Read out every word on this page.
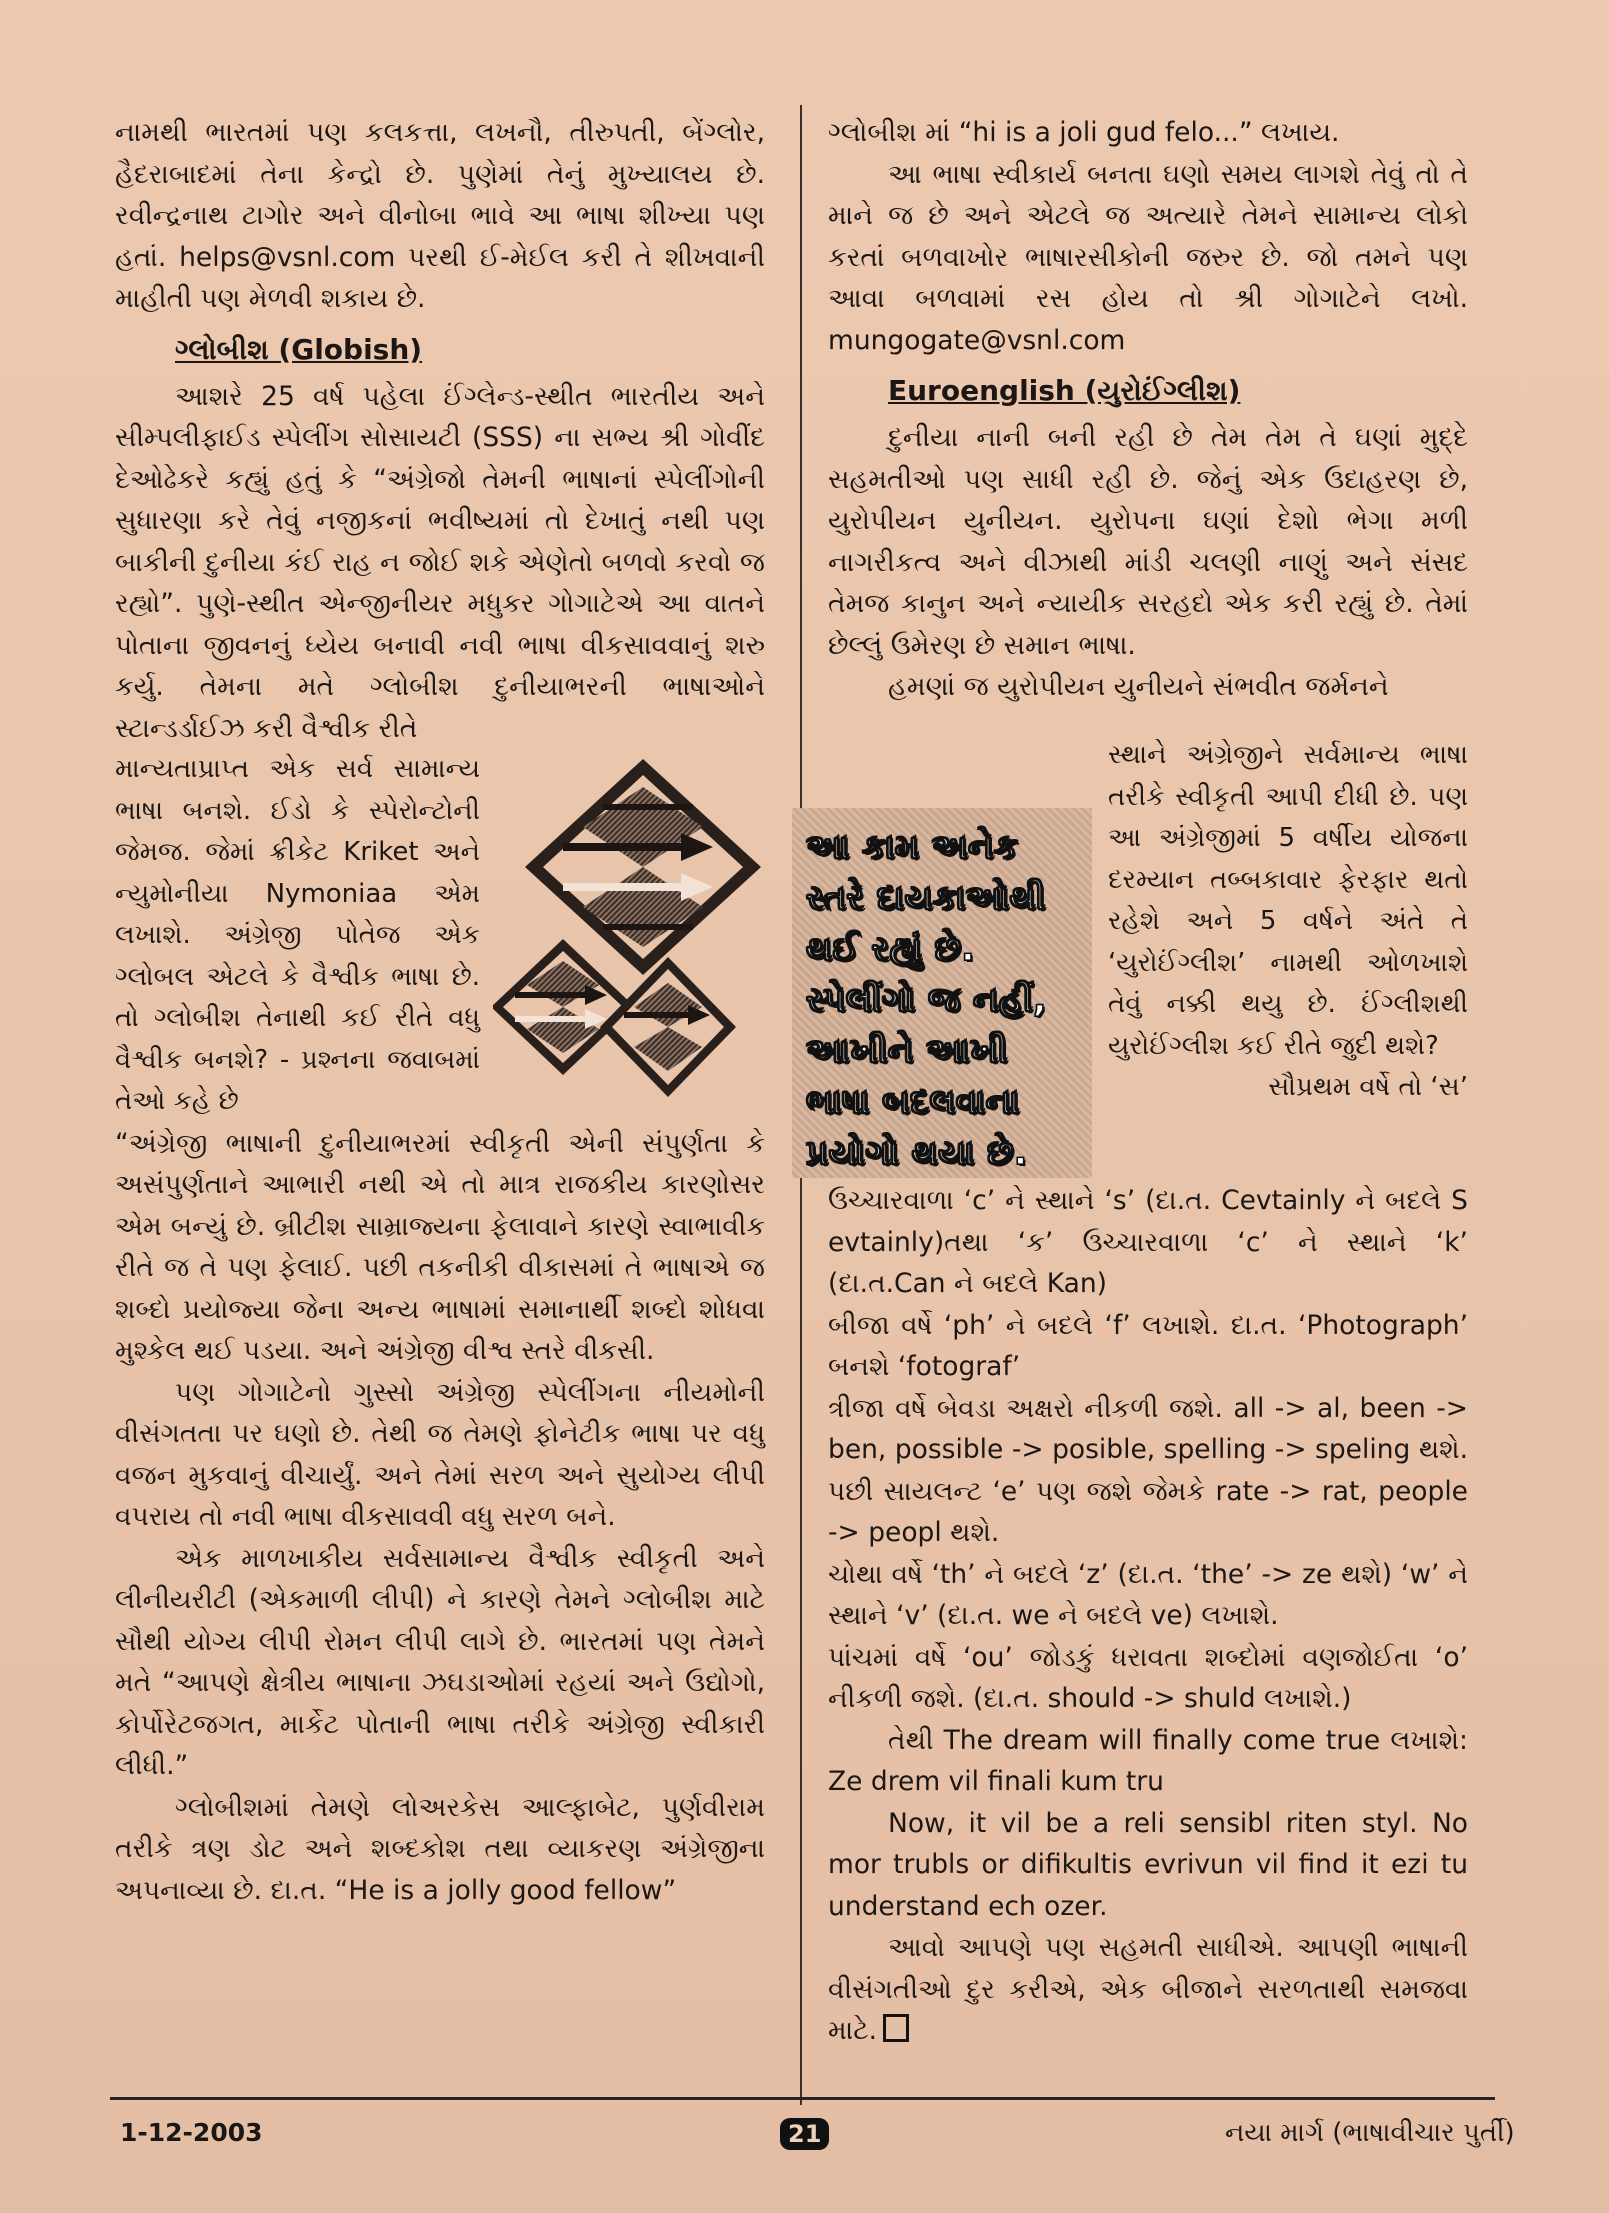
નામથી ભારતમાં પણ કલકત્તા, લખનૌ, તીરુપતી, બેંગ્લોર, હૈદરાબાદમાં તેના કેન્દ્રો છે. પુણેમાં તેનું મુખ્યાલય છે. રવીન્દ્રનાથ ટાગોર અને વીનોબા ભાવે આ ભાષા શીખ્યા પણ હતાં. helps@vsnl.com પરથી ઈ-મેઈલ કરી તે શીખવાની માહીતી પણ મેળવી શકાય છે.

ગ્લોબીશ (Globish)

આશરે 25 વર્ષ પહેલા ઈંગ્લેન્ડ-સ્થીત ભારતીય અને સીમ્પલીફાઈડ સ્પેલીંગ સોસાયટી (SSS) ના સભ્ય શ્રી ગોવીંદ દેઓઢેકરે કહ્યું હતું કે “અંગ્રેજો તેમની ભાષાનાં સ્પેલીંગોની સુધારણા કરે તેવું નજીકનાં ભવીષ્યમાં તો દેખાતું નથી પણ બાકીની દુનીયા કંઈ રાહ ન જોઈ શકે એણેતો બળવો કરવો જ રહ્યો”. પુણે-સ્થીત એન્જીનીયર મધુકર ગોગાટેએ આ વાતને પોતાના જીવનનું ધ્યેય બનાવી નવી ભાષા વીકસાવવાનું શરુ કર્યુ. તેમના મતે ગ્લોબીશ દુનીયાભરની ભાષાઓને સ્ટાન્ડર્ડાઈઝ કરી વૈશ્વીક રીતે

માન્યતાપ્રાપ્ત એક સર્વ સામાન્ય ભાષા બનશે. ઈડો કે સ્પેરોન્ટોની જેમજ. જેમાં ક્રીકેટ Kriket અને ન્યુમોનીયા Nymoniaa એમ લખાશે. અંગ્રેજી પોતેજ એક ગ્લોબલ એટલે કે વૈશ્વીક ભાષા છે. તો ગ્લોબીશ તેનાથી કઈ રીતે વધુ વૈશ્વીક બનશે? - પ્રશ્નના જવાબમાં તેઓ કહે છે

“અંગ્રેજી ભાષાની દુનીયાભરમાં સ્વીકૃતી એની સંપુર્ણતા કે અસંપુર્ણતાને આભારી નથી એ તો માત્ર રાજકીય કારણોસર એમ બન્યું છે. બ્રીટીશ સામ્રાજ્યના ફેલાવાને કારણે સ્વાભાવીક રીતે જ તે પણ ફેલાઈ. પછી તકનીકી વીકાસમાં તે ભાષાએ જ શબ્દો પ્રયોજ્યા જેના અન્ય ભાષામાં સમાનાર્થી શબ્દો શોધવા મુશ્કેલ થઈ પડયા. અને અંગ્રેજી વીશ્વ સ્તરે વીકસી.

પણ ગોગાટેનો ગુસ્સો અંગ્રેજી સ્પેલીંગના નીયમોની વીસંગતતા પર ઘણો છે. તેથી જ તેમણે ફોનેટીક ભાષા પર વધુ વજન મુકવાનું વીચાર્યું. અને તેમાં સરળ અને સુયોગ્ય લીપી વપરાય તો નવી ભાષા વીકસાવવી વધુ સરળ બને.

એક માળખાકીય સર્વસામાન્ય વૈશ્વીક સ્વીકૃતી અને લીનીયરીટી (એકમાળી લીપી) ને કારણે તેમને ગ્લોબીશ માટે સૌથી યોગ્ય લીપી રોમન લીપી લાગે છે. ભારતમાં પણ તેમને મતે “આપણે ક્ષેત્રીય ભાષાના ઝઘડાઓમાં રહયાં અને ઉદ્યોગો, કોર્પોરેટજગત, માર્કેટ પોતાની ભાષા તરીકે અંગ્રેજી સ્વીકારી લીધી.”

ગ્લોબીશમાં તેમણે લોઅરકેસ આલ્ફાબેટ, પુર્ણવીરામ તરીકે ત્રણ ડોટ અને શબ્દકોશ તથા વ્યાકરણ અંગ્રેજીના અપનાવ્યા છે. દા.ત. “He is a jolly good fellow”

ગ્લોબીશ માં “hi is a joli gud felo...” લખાય.

આ ભાષા સ્વીકાર્ય બનતા ઘણો સમય લાગશે તેવું તો તે માને જ છે અને એટલે જ અત્યારે તેમને સામાન્ય લોકો કરતાં બળવાખોર ભાષારસીકોની જરુર છે. જો તમને પણ આવા બળવામાં રસ હોય તો શ્રી ગોગાટેને લખો. mungogate@vsnl.com

Euroenglish (યુરોઈંગ્લીશ)

દુનીયા નાની બની રહી છે તેમ તેમ તે ઘણાં મુદ્દે સહમતીઓ પણ સાધી રહી છે. જેનું એક ઉદાહરણ છે, યુરોપીયન યુનીયન. યુરોપના ઘણાં દેશો ભેગા મળી નાગરીકત્વ અને વીઝાથી માંડી ચલણી નાણું અને સંસદ તેમજ કાનુન અને ન્યાયીક સરહદો એક કરી રહ્યું છે. તેમાં છેલ્લું ઉમેરણ છે સમાન ભાષા.

હમણાં જ યુરોપીયન યુનીયને સંભવીત જર્મનને

સ્થાને અંગ્રેજીને સર્વમાન્ય ભાષા તરીકે સ્વીકૃતી આપી દીધી છે. પણ આ અંગ્રેજીમાં 5 વર્ષીય યોજના દરમ્યાન તબ્બકાવાર ફેરફાર થતો રહેશે અને 5 વર્ષને અંતે તે ‘યુરોઈંગ્લીશ’ નામથી ઓળખાશે તેવું નક્કી થયુ છે. ઈંગ્લીશથી યુરોઈંગ્લીશ કઈ રીતે જુદી થશે?

સૌપ્રથમ વર્ષે તો ‘સ’

આ કામ અનેક
સ્તરે દાયકાઓથી
થઈ રહ્યું છે.
સ્પેલીંગો જ નહીં,
આખીને આખી
ભાષા બદલવાના
પ્રયોગો થયા છે.

ઉચ્ચારવાળા ‘c’ ને સ્થાને ‘s’ (દા.ત. Cevtainly ને બદલે S evtainly)તથા ‘ક’ ઉચ્ચારવાળા ‘c’ ને સ્થાને ‘k’ (દા.ત.Can ને બદલે Kan)

બીજા વર્ષે ‘ph’ ને બદલે ‘f’ લખાશે. દા.ત. ‘Photograph’ બનશે ‘fotograf’

ત્રીજા વર્ષે બેવડા અક્ષરો નીકળી જશે. all -> al, been -> ben, possible -> posible, spelling -> speling થશે. પછી સાયલન્ટ ‘e’ પણ જશે જેમકે rate -> rat, people -> peopl થશે.

ચોથા વર્ષે ‘th’ ને બદલે ‘z’ (દા.ત. ‘the’ -> ze થશે) ‘w’ ને સ્થાને ‘v’ (દા.ત. we ને બદલે ve) લખાશે.

પાંચમાં વર્ષે ‘ou’ જોડકું ધરાવતા શબ્દોમાં વણજોઈતા ‘o’ નીકળી જશે. (દા.ત. should -> shuld લખાશે.)

તેથી The dream will finally come true લખાશે: Ze drem vil finali kum tru

Now, it vil be a reli sensibl riten styl. No mor trubls or difikultis evrivun vil find it ezi tu understand ech ozer.

આવો આપણે પણ સહમતી સાધીએ. આપણી ભાષાની વીસંગતીઓ દુર કરીએ, એક બીજાને સરળતાથી સમજવા માટે.

1-12-2003	21	નયા માર્ગ (ભાષાવીચાર પુર્તી)
